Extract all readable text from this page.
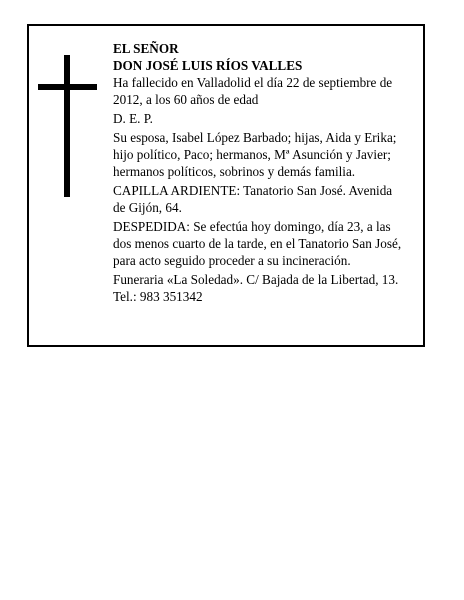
EL SEÑOR
DON JOSÉ LUIS RÍOS VALLES
Ha fallecido en Valladolid el día 22 de septiembre de
2012, a los 60 años de edad
D. E. P.
Su esposa, Isabel López Barbado; hijas, Aida y Erika;
hijo político, Paco; hermanos, Mª Asunción y Javier;
hermanos políticos, sobrinos y demás familia.
CAPILLA ARDIENTE: Tanatorio San José. Avenida
de Gijón, 64.
DESPEDIDA: Se efectúa hoy domingo, día 23, a las
dos menos cuarto de la tarde, en el Tanatorio San José,
para acto seguido proceder a su incineración.
Funeraria «La Soledad». C/ Bajada de la Libertad, 13.
Tel.: 983 351342
